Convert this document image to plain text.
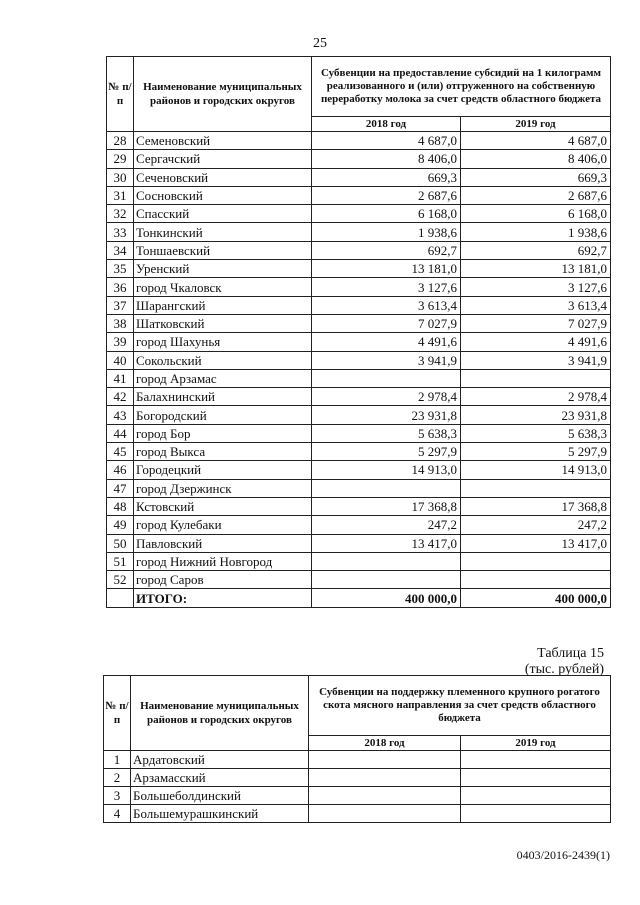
25
№ п/п	Наименование муниципальных районов и городских округов	Субвенции на предоставление субсидий на 1 килограмм реализованного и (или) отгруженного на собственную переработку молока за счет средств областного бюджета	
		2018 год	2019 год
28	Семеновский	4 687,0	4 687,0
29	Сергачский	8 406,0	8 406,0
30	Сеченовский	669,3	669,3
31	Сосновский	2 687,6	2 687,6
32	Спасский	6 168,0	6 168,0
33	Тонкинский	1 938,6	1 938,6
34	Тоншаевский	692,7	692,7
35	Уренский	13 181,0	13 181,0
36	город Чкаловск	3 127,6	3 127,6
37	Шарангский	3 613,4	3 613,4
38	Шатковский	7 027,9	7 027,9
39	город Шахунья	4 491,6	4 491,6
40	Сокольский	3 941,9	3 941,9
41	город Арзамас		
42	Балахнинский	2 978,4	2 978,4
43	Богородский	23 931,8	23 931,8
44	город Бор	5 638,3	5 638,3
45	город Выкса	5 297,9	5 297,9
46	Городецкий	14 913,0	14 913,0
47	город Дзержинск		
48	Кстовский	17 368,8	17 368,8
49	город Кулебаки	247,2	247,2
50	Павловский	13 417,0	13 417,0
51	город Нижний Новгород		
52	город Саров		
	ИТОГО:	400 000,0	400 000,0
Таблица 15
(тыс. рублей)
№ п/п	Наименование муниципальных районов и городских округов	Субвенции на поддержку племенного крупного рогатого скота мясного направления за счет средств областного бюджета	
		2018 год	2019 год
1	Ардатовский		
2	Арзамасский		
3	Большеболдинский		
4	Большемурашкинский		
0403/2016-2439(1)
